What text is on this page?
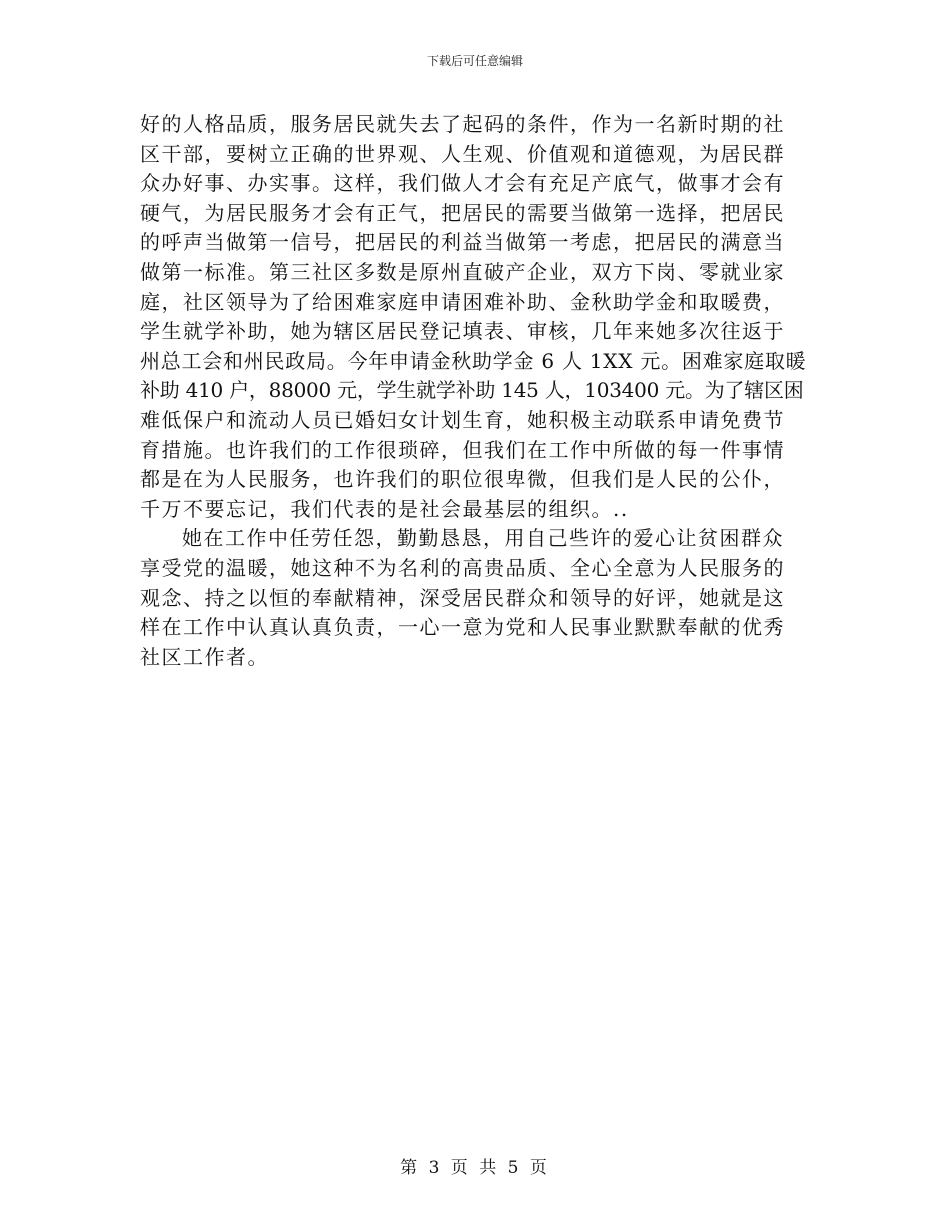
下载后可任意编辑
好的人格品质，服务居民就失去了起码的条件，作为一名新时期的社
区干部，要树立正确的世界观、人生观、价值观和道德观，为居民群
众办好事、办实事。这样，我们做人才会有充足产底气，做事才会有
硬气，为居民服务才会有正气，把居民的需要当做第一选择，把居民
的呼声当做第一信号，把居民的利益当做第一考虑，把居民的满意当
做第一标准。第三社区多数是原州直破产企业，双方下岗、零就业家
庭，社区领导为了给困难家庭申请困难补助、金秋助学金和取暖费，
学生就学补助，她为辖区居民登记填表、审核，几年来她多次往返于
州总工会和州民政局。今年申请金秋助学金 6 人 1XX 元。困难家庭取暖
补助 410 户，88000 元，学生就学补助 145 人，103400 元。为了辖区困
难低保户和流动人员已婚妇女计划生育，她积极主动联系申请免费节
育措施。也许我们的工作很琐碎，但我们在工作中所做的每一件事情
都是在为人民服务，也许我们的职位很卑微，但我们是人民的公仆，
千万不要忘记，我们代表的是社会最基层的组织。..
她在工作中任劳任怨，勤勤恳恳，用自己些许的爱心让贫困群众
享受党的温暖，她这种不为名利的高贵品质、全心全意为人民服务的
观念、持之以恒的奉献精神，深受居民群众和领导的好评，她就是这
样在工作中认真认真负责，一心一意为党和人民事业默默奉献的优秀
社区工作者。
第 3 页 共 5 页
